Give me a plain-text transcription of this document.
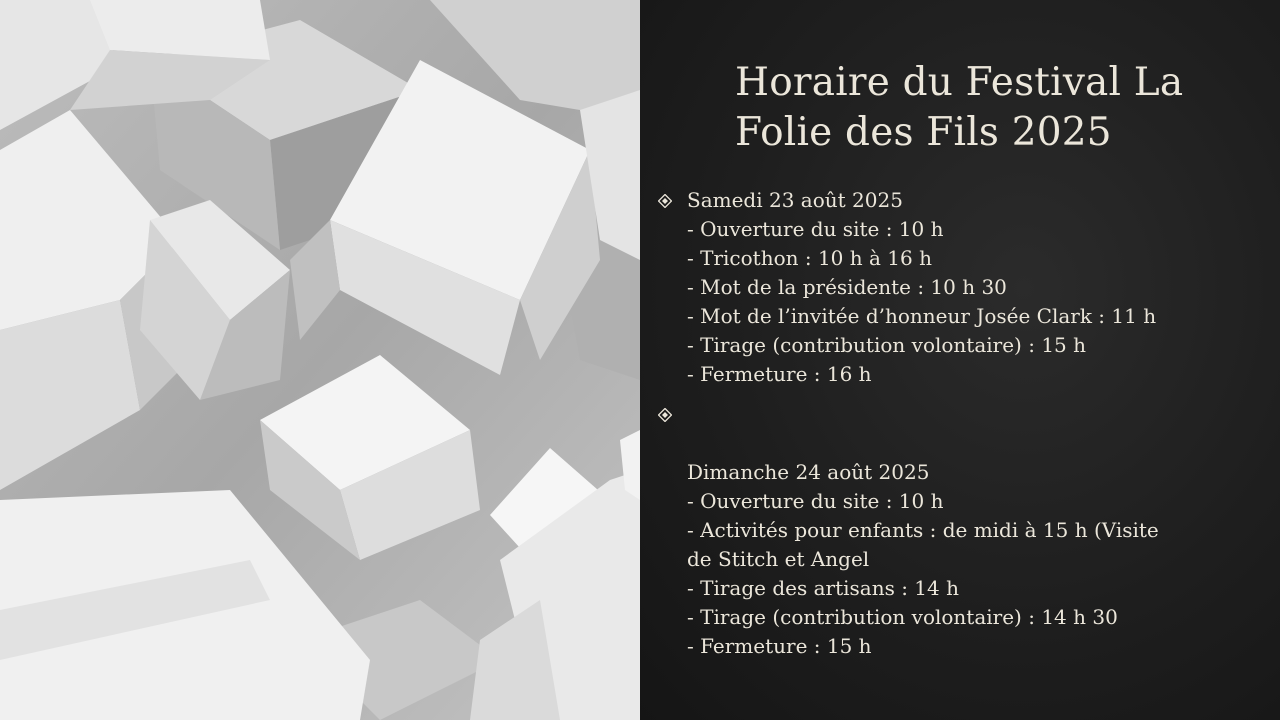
Horaire du Festival La Folie des Fils 2025
Samedi 23 août 2025
- Ouverture du site : 10 h
- Tricothon : 10 h à 16 h
- Mot de la présidente : 10 h 30
- Mot de l’invitée d’honneur Josée Clark : 11 h
- Tirage (contribution volontaire) : 15 h
- Fermeture : 16 h
Dimanche 24 août 2025
- Ouverture du site : 10 h
- Activités pour enfants : de midi à 15 h (Visite de Stitch et Angel
- Tirage des artisans : 14 h
- Tirage (contribution volontaire) : 14 h 30
- Fermeture : 15 h
